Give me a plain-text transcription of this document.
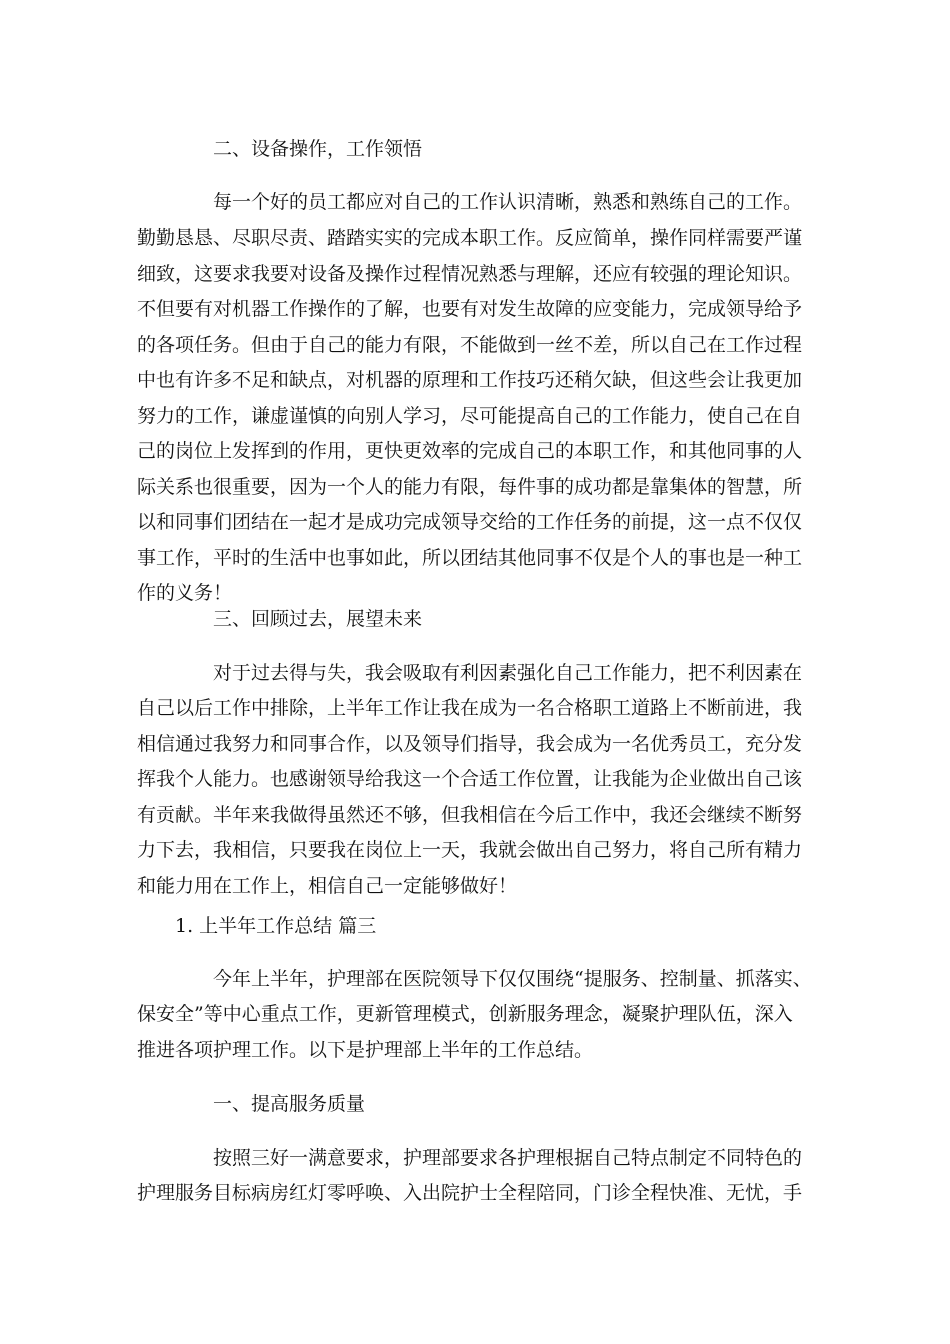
二、设备操作，工作领悟
每一个好的员工都应对自己的工作认识清晰，熟悉和熟练自己的工作。
勤勤恳恳、尽职尽责、踏踏实实的完成本职工作。反应简单，操作同样需要严谨
细致，这要求我要对设备及操作过程情况熟悉与理解，还应有较强的理论知识。
不但要有对机器工作操作的了解，也要有对发生故障的应变能力，完成领导给予
的各项任务。但由于自己的能力有限，不能做到一丝不差，所以自己在工作过程
中也有许多不足和缺点，对机器的原理和工作技巧还稍欠缺，但这些会让我更加
努力的工作，谦虚谨慎的向别人学习，尽可能提高自己的工作能力，使自己在自
己的岗位上发挥到的作用，更快更效率的完成自己的本职工作，和其他同事的人
际关系也很重要，因为一个人的能力有限，每件事的成功都是靠集体的智慧，所
以和同事们团结在一起才是成功完成领导交给的工作任务的前提，这一点不仅仅
事工作，平时的生活中也事如此，所以团结其他同事不仅是个人的事也是一种工
作的义务！
三、回顾过去，展望未来
对于过去得与失，我会吸取有利因素强化自己工作能力，把不利因素在
自己以后工作中排除，上半年工作让我在成为一名合格职工道路上不断前进，我
相信通过我努力和同事合作，以及领导们指导，我会成为一名优秀员工，充分发
挥我个人能力。也感谢领导给我这一个合适工作位置，让我能为企业做出自己该
有贡献。半年来我做得虽然还不够，但我相信在今后工作中，我还会继续不断努
力下去，我相信，只要我在岗位上一天，我就会做出自己努力，将自己所有精力
和能力用在工作上，相信自己一定能够做好！
1. 上半年工作总结 篇三
今年上半年，护理部在医院领导下仅仅围绕“提服务、控制量、抓落实、
保安全”等中心重点工作，更新管理模式，创新服务理念，凝聚护理队伍，深入
推进各项护理工作。以下是护理部上半年的工作总结。
一、提高服务质量
按照三好一满意要求，护理部要求各护理根据自己特点制定不同特色的
护理服务目标病房红灯零呼唤、入出院护士全程陪同，门诊全程快准、无忧，手
